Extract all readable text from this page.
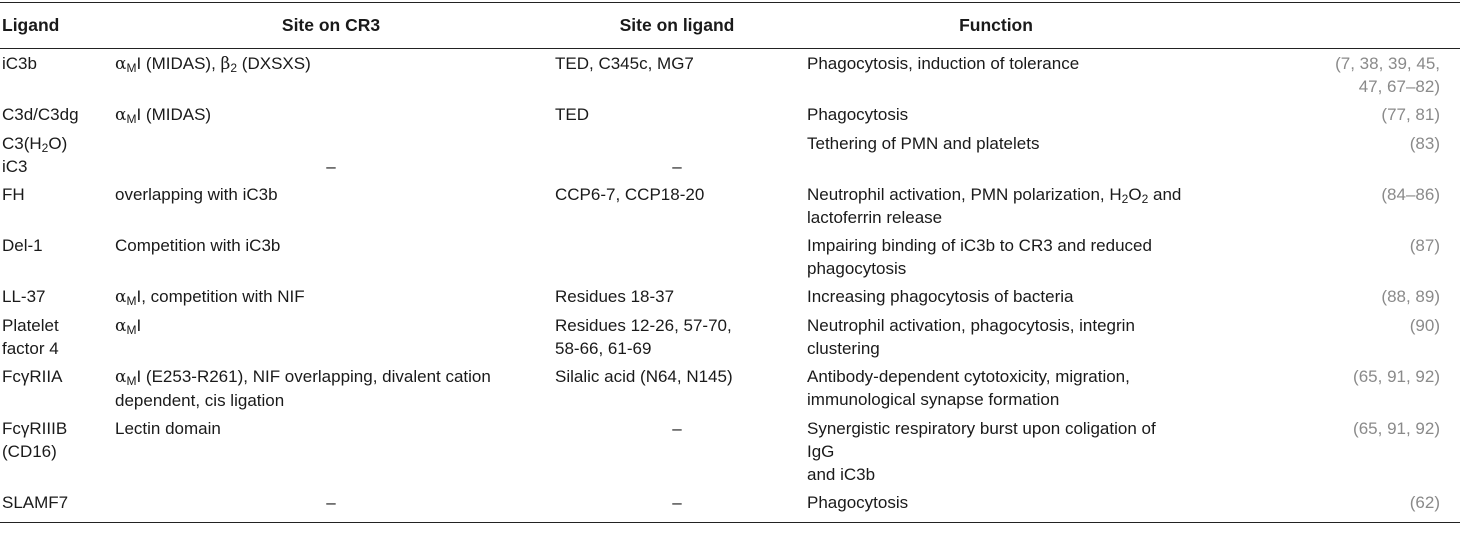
Ligand	Site on CR3	Site on ligand	Function	
iC3b	$\alpha_MI$ (MIDAS), $\beta_2$ (DXSXS)	TED, C345c, MG7	Phagocytosis, induction of tolerance	(7, 38, 39, 45,
47, 67–82)

C3d/C3dg	$\alpha_MI$ (MIDAS)	TED	Phagocytosis	(77, 81)

$C3(H_2O)$
iC3	–	–	Tethering of PMN and platelets	(83)

FH	overlapping with iC3b	CCP6-7, CCP18-20	Neutrophil activation, PMN polarization, $H_2O_2$ and
lactoferrin release	(84–86)

Del-1	Competition with iC3b		Impairing binding of iC3b to CR3 and reduced
phagocytosis	(87)

LL-37	$\alpha_MI$, competition with NIF	Residues 18-37	Increasing phagocytosis of bacteria	(88, 89)

Platelet
factor 4	$\alpha_MI$	Residues 12-26, 57-70,
58-66, 61-69	Neutrophil activation, phagocytosis, integrin clustering	(90)

FcγRIIA	$\alpha_MI$ (E253-R261), NIF overlapping, divalent cation
dependent, cis ligation	Silalic acid (N64, N145)	Antibody-dependent cytotoxicity, migration,
immunological synapse formation	(65, 91, 92)

FcγRIIIB
(CD16)	Lectin domain	–	Synergistic respiratory burst upon coligation of IgG
and iC3b	(65, 91, 92)

SLAMF7	–	–	Phagocytosis	(62)
